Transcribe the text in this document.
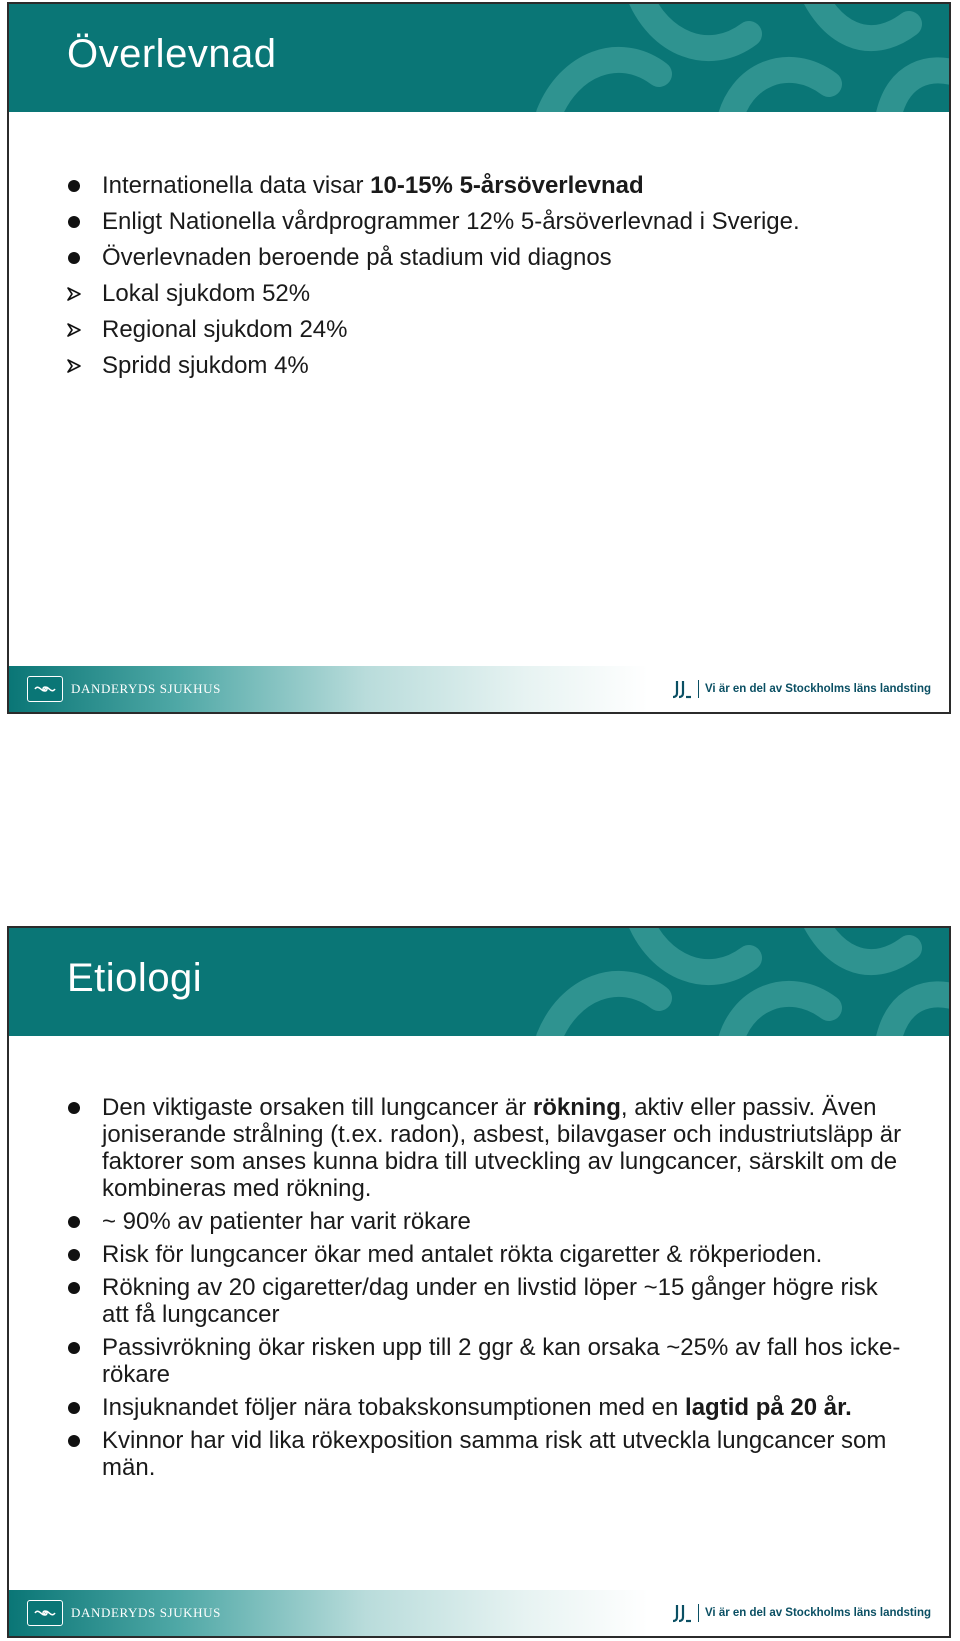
Överlevnad
Internationella data visar 10-15% 5-årsöverlevnad
Enligt Nationella vårdprogrammer 12% 5-årsöverlevnad i Sverige.
Överlevnaden beroende på stadium vid diagnos
Lokal sjukdom 52%
Regional sjukdom 24%
Spridd sjukdom 4%
DANDERYDS SJUKHUS	Vi är en del av Stockholms läns landsting
Etiologi
Den viktigaste orsaken till lungcancer är rökning, aktiv eller passiv. Även joniserande strålning (t.ex. radon), asbest, bilavgaser och industriutsläpp är faktorer som anses kunna bidra till utveckling av lungcancer, särskilt om de kombineras med rökning.
~ 90% av patienter har varit rökare
Risk för lungcancer ökar med antalet rökta cigaretter & rökperioden.
Rökning av 20 cigaretter/dag under en livstid löper ~15 gånger högre risk att få lungcancer
Passivrökning ökar risken upp till 2 ggr & kan orsaka ~25% av fall hos icke-rökare
Insjuknandet följer nära tobakskonsumptionen med en lagtid på 20 år.
Kvinnor har vid lika rökexposition samma risk att utveckla lungcancer som män.
DANDERYDS SJUKHUS	Vi är en del av Stockholms läns landsting
